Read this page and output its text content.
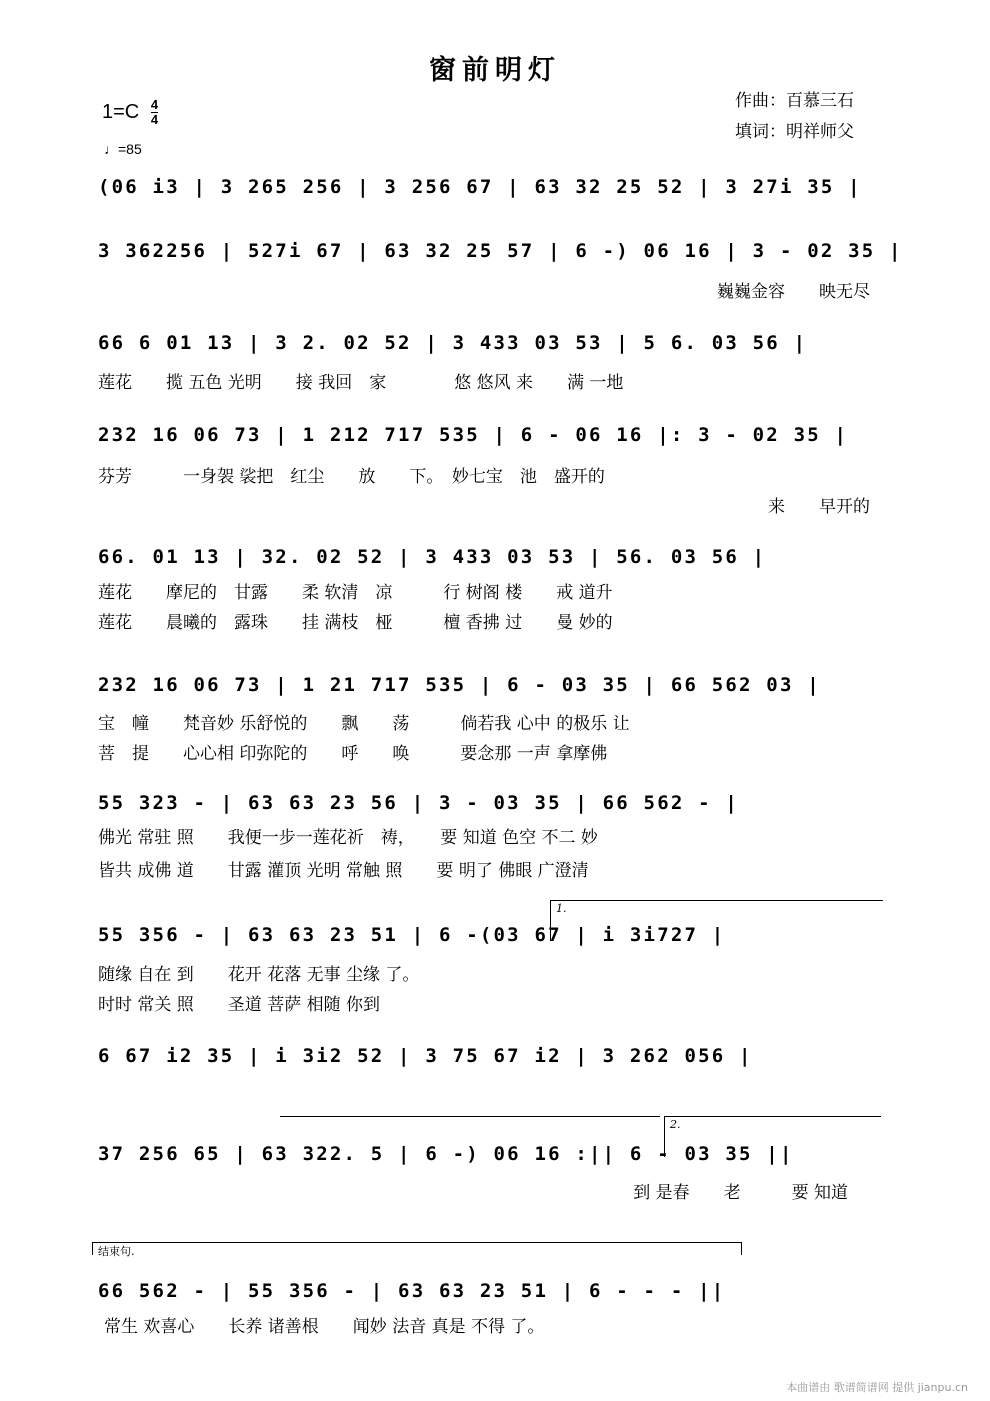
窗前明灯
作曲：百慕三石
填词：明祥师父
$1=C \frac{4}{4}$
♩=85
(06 i3 | 3 265 256 | 3 256 67 | 63 32 25 52 | 3 27i 35 |
3 362256 | 527i 67 | 63 32 25 57 | 6 -) 06 16 | 3 - 02 35 |
巍巍金容　　映无尽
66 6 01 13 | 3 2. 02 52 | 3 433 03 53 | 5 6. 03 56 |
莲花　　揽 五色 光明　　接 我回　家　　　　悠 悠风 来　　满 一地
232 16 06 73 | 1 212 717 535 | 6 - 06 16 |: 3 - 02 35 |
芬芳　　　一身袈 裟把　红尘　　放　　下。　妙七宝　池　盛开的
来　　早开的
66. 01 13 | 32. 02 52 | 3 433 03 53 | 56. 03 56 |
莲花　　摩尼的　甘露　　柔 软清　凉　　　行 树阁 楼　　戒 道升
莲花　　晨曦的　露珠　　挂 满枝　桠　　　檀 香拂 过　　曼 妙的
232 16 06 73 | 1 21 717 535 | 6 - 03 35 | 66 562 03 |
宝　幢　　梵音妙 乐舒悦的　　飘　　荡　　　倘若我 心中 的极乐 让
菩　提　　心心相 印弥陀的　　呼　　唤　　　要念那 一声 拿摩佛
55 323 - | 63 63 23 56 | 3 - 03 35 | 66 562 - |
佛光 常驻 照　　我便一步一莲花祈　祷，　　要 知道 色空 不二 妙
皆共 成佛 道　　甘露 灌顶 光明 常触 照　　要 明了 佛眼 广澄清
1.
55 356 - | 63 63 23 51 | 6 -(03 67 | i 3i727 |
随缘 自在 到　　花开 花落 无事 尘缘 了。
时时 常关 照　　圣道 菩萨 相随 你到
6 67 i2 35 | i 3i2 52 | 3 75 67 i2 | 3 262 056 |
2.
37 256 65 | 63 322. 5 | 6 -) 06 16 :|| 6 - 03 35 ||
到 是春　　老　　　要 知道
结束句.
66 562 - | 55 356 - | 63 63 23 51 | 6 - - - ||
常生 欢喜心　　长养 诸善根　　闻妙 法音 真是 不得 了。
本曲谱由 歌谱简谱网 提供 jianpu.cn
